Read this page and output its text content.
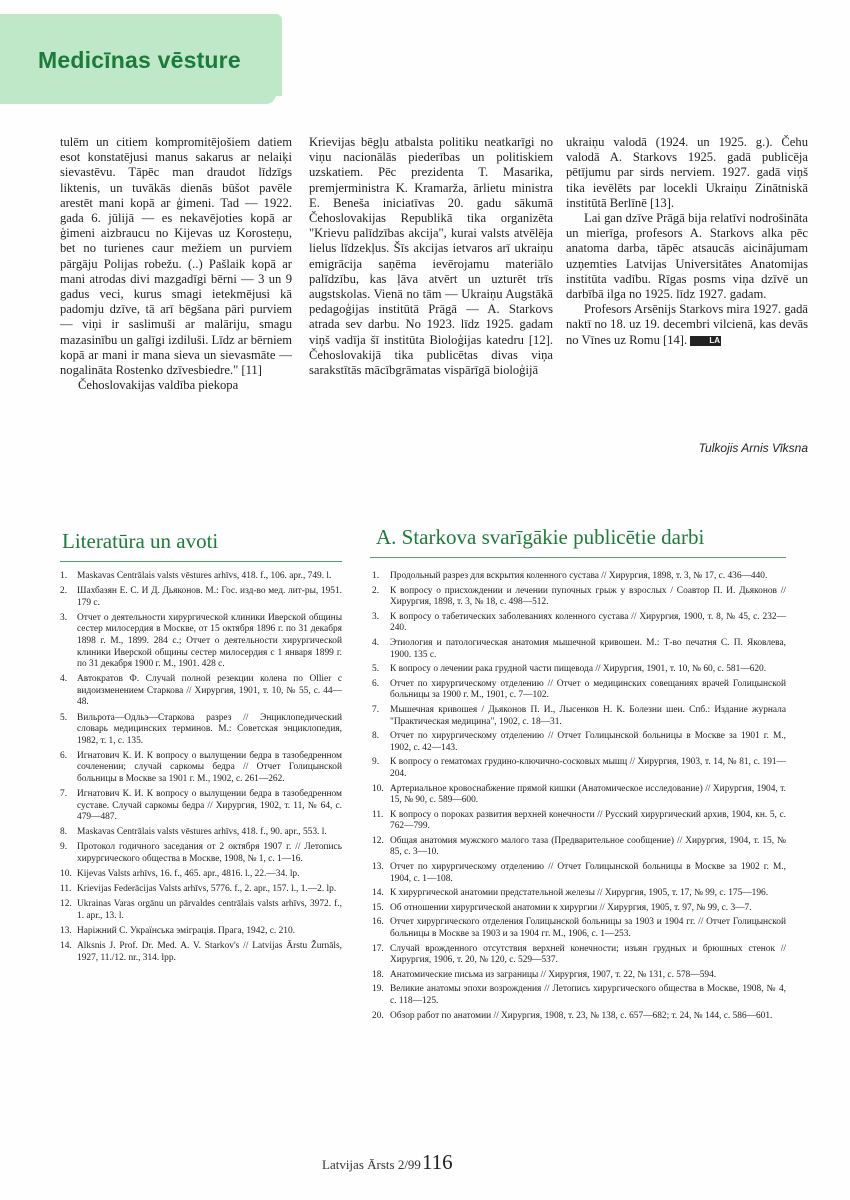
Medicīnas vēsture

tulēm un citiem kompromitējošiem datiem esot konstatējusi manus sakarus ar nelaiķi sievastēvu. Tāpēc man draudot līdzīgs liktenis, un tuvākās dienās būšot pavēle arestēt mani kopā ar ģimeni. Tad — 1922. gada 6. jūlijā — es nekavējoties kopā ar ģimeni aizbraucu no Kijevas uz Korosteņu, bet no turienes caur mežiem un purviem pārgāju Polijas robežu. (..) Pašlaik kopā ar mani atrodas divi mazgadīgi bērni — 3 un 9 gadus veci, kurus smagi ietekmējusi kā padomju dzīve, tā arī bēgšana pāri purviem — viņi ir saslimuši ar malāriju, smagu mazasinību un galīgi izdiluši. Līdz ar bērniem kopā ar mani ir mana sieva un sievasmāte — nogalināta Rostenko dzīvesbiedre." [11]

Čehoslovakijas valdība piekopa

Krievijas bēgļu atbalsta politiku neatkarīgi no viņu nacionālās piederības un politiskiem uzskatiem. Pēc prezidenta T. Masarika, premjerministra K. Kramarža, ārlietu ministra E. Beneša iniciatīvas 20. gadu sākumā Čehoslovakijas Republikā tika organizēta "Krievu palīdzības akcija", kurai valsts atvēlēja lielus līdzekļus. Šīs akcijas ietvaros arī ukraiņu emigrācija saņēma ievērojamu materiālo palīdzību, kas ļāva atvērt un uzturēt trīs augstskolas. Vienā no tām — Ukraiņu Augstākā pedagoģijas institūtā Prāgā — A. Starkovs atrada sev darbu. No 1923. līdz 1925. gadam viņš vadīja šī institūta Bioloģijas katedru [12]. Čehoslovakijā tika publicētas divas viņa sarakstītās mācībgrāmatas vispārīgā bioloģijā

ukraiņu valodā (1924. un 1925. g.). Čehu valodā A. Starkovs 1925. gadā publicēja pētījumu par sirds nerviem. 1927. gadā viņš tika ievēlēts par locekli Ukraiņu Zinātniskā institūtā Berlīnē [13].

Lai gan dzīve Prāgā bija relatīvi nodrošināta un mierīga, profesors A. Starkovs alka pēc anatoma darba, tāpēc atsaucās aicinājumam uzņemties Latvijas Universitātes Anatomijas institūta vadību. Rīgas posms viņa dzīvē un darbībā ilga no 1925. līdz 1927. gadam.

Profesors Arsēnijs Starkovs mira 1927. gadā naktī no 18. uz 19. decembri vilcienā, kas devās no Vīnes uz Romu [14].	LA

Tulkojis Arnis Vīksna
Literatūra un avoti
1.	Maskavas Centrālais valsts vēstures arhīvs, 418. f., 106. apr., 749. l.
2.	Шахбазян Е. С. И Д. Дьяконов. М.: Гос. изд-во мед. лит-ры, 1951. 179 с.
3.	Отчет о деятельности хирургической клиники Иверской общины сестер милосердия в Москве, от 15 октября 1896 г. по 31 декабря 1898 г. М., 1899. 284 с.; Отчет о деятельности хирургической клиники Иверской общины сестер милосердия с 1 января 1899 г. по 31 декабря 1900 г. М., 1901. 428 с.
4.	Автократов Ф. Случай полной резекции колена по Ollier с видоизменением Старкова // Хирургия, 1901, т. 10, № 55, с. 44—48.
5.	Вильрота—Одльэ—Старкова разрез // Энциклопедический словарь медицинских терминов. М.: Советская энциклопедия, 1982, т. 1, с. 135.
6.	Игнатович К. И. К вопросу о вылущении бедра в тазобедренном сочленении; случай саркомы бедра // Отчет Голицынской больницы в Москве за 1901 г. М., 1902, с. 261—262.
7.	Игнатович К. И. К вопросу о вылущении бедра в тазобедренном суставе. Случай саркомы бедра // Хирургия, 1902, т. 11, № 64, с. 479—487.
8.	Maskavas Centrālais valsts vēstures arhīvs, 418. f., 90. apr., 553. l.
9.	Протокол годичного заседания от 2 октября 1907 г. // Летопись хирургического общества в Москве, 1908, № 1, с. 1—16.
10. Kijevas Valsts arhīvs, 16. f., 465. apr., 4816. l., 22.—34. lp.
11. Krievijas Federācijas Valsts arhīvs, 5776. f., 2. apr., 157. l., 1.—2. lp.
12. Ukrainas Varas orgānu un pārvaldes centrālais valsts arhīvs, 3972. f., 1. apr., 13. l.
13. Наріжний С. Українська эмiграцiя. Прага, 1942, c. 210.
14. Alksnis J. Prof. Dr. Med. A. V. Starkov's // Latvijas Ārstu Žurnāls, 1927, 11./12. nr., 314. lpp.
A. Starkova svarīgākie publicētie darbi
1.	Продольный разрез для вскрытия коленного сустава // Хирургия, 1898, т. 3, № 17, с. 436—440.
2.	К вопросу о присхождении и лечении пупочных грыж у взрослых / Соавтор П. И. Дьяконов // Хирургия, 1898, т. 3, № 18, с. 498—512.
3.	К вопросу о табетических заболеваниях коленного сустава // Хирургия, 1900, т. 8, № 45, с. 232—240.
4.	Этиология и патологическая анатомия мышечной кривошеи. М.: Т-во печатня С. П. Яковлева, 1900. 135 с.
5.	К вопросу о лечении рака грудной части пищевода // Хирургия, 1901, т. 10, № 60, с. 581—620.
6.	Отчет по хирургическому отделению // Отчет о медицинских совещаниях врачей Голицынской больницы за 1900 г. М., 1901, с. 7—102.
7.	Мышечная кривошея / Дьяконов П. И., Лысенков Н. К. Болезни шеи. Спб.: Издание журнала "Практическая медицина", 1902, с. 18—31.
8.	Отчет по хирургическому отделению // Отчет Голицынской больницы в Москве за 1901 г. М., 1902, с. 42—143.
9.	К вопросу о гематомах грудино-ключично-сосковых мышц // Хирургия, 1903, т. 14, № 81, с. 191—204.
10. Артериальное кровоснабжение прямой кишки (Анатомическое исследование) // Хирургия, 1904, т. 15, № 90, с. 589—600.
11. К вопросу о пороках развития верхней конечности // Русский хирургический архив, 1904, кн. 5, с. 762—799.
12. Общая анатомия мужского малого таза (Предварительное сообщение) // Хирургия, 1904, т. 15, № 85, с. 3—10.
13. Отчет по хирургическому отделению // Отчет Голицынской больницы в Москве за 1902 г. М., 1904, с. 1—108.
14. К хирургической анатомии предстательной железы // Хирургия, 1905, т. 17, № 99, с. 175—196.
15. Об отношении хирургической анатомии к хирургии // Хирургия, 1905, т. 97, № 99, с. 3—7.
16. Отчет хирургического отделения Голицынской больницы за 1903 и 1904 гг. // Отчет Голицынской больницы в Москве за 1903 и за 1904 гг. М., 1906, с. 1—253.
17. Случай врожденного отсутствия верхней конечности; изъян грудных и брюшных стенок // Хирургия, 1906, т. 20, № 120, с. 529—537.
18. Анатомические письма из заграницы // Хирургия, 1907, т. 22, № 131, с. 578—594.
19. Великие анатомы эпохи возрождения // Летопись хирургического общества в Москве, 1908, № 4, с. 118—125.
20. Обзор работ по анатомии // Хирургия, 1908, т. 23, № 138, с. 657—682; т. 24, № 144, с. 586—601.
Latvijas Ārsts 2/99116
